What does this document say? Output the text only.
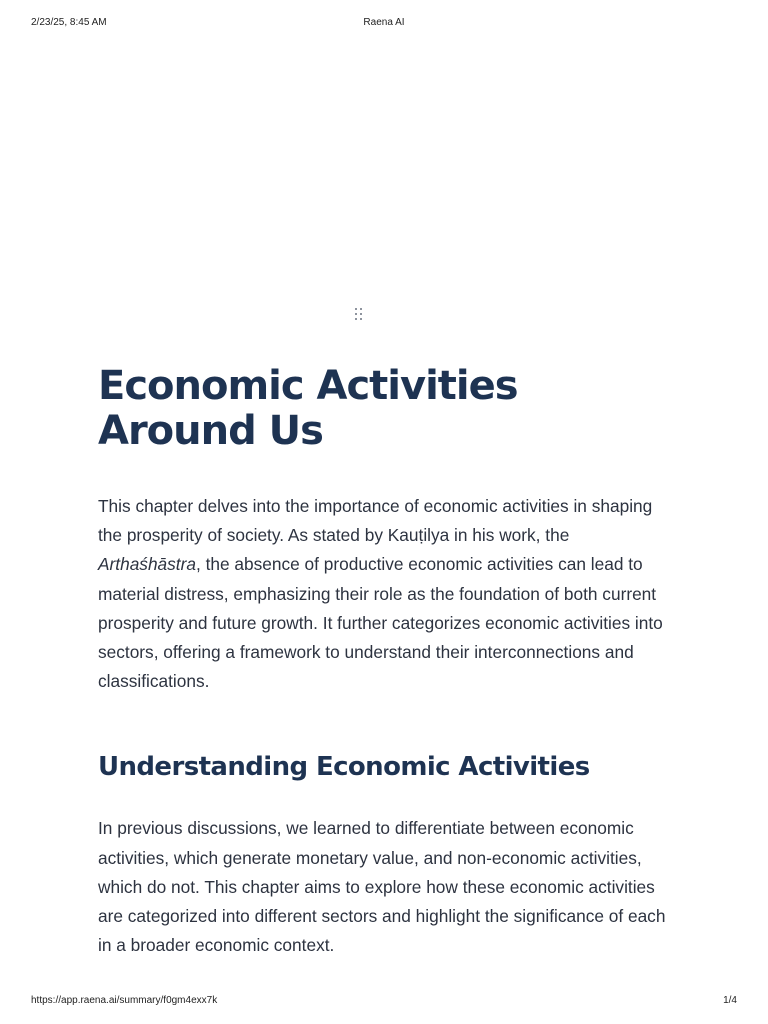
2/23/25, 8:45 AM	Raena AI
Economic Activities Around Us

This chapter delves into the importance of economic activities in shaping the prosperity of society. As stated by Kauṭilya in his work, the Arthaśhāstra, the absence of productive economic activities can lead to material distress, emphasizing their role as the foundation of both current prosperity and future growth. It further categorizes economic activities into sectors, offering a framework to understand their interconnections and classifications.

Understanding Economic Activities

In previous discussions, we learned to differentiate between economic activities, which generate monetary value, and non-economic activities, which do not. This chapter aims to explore how these economic activities are categorized into different sectors and highlight the significance of each in a broader economic context.

https://app.raena.ai/summary/f0gm4exx7k	1/4
